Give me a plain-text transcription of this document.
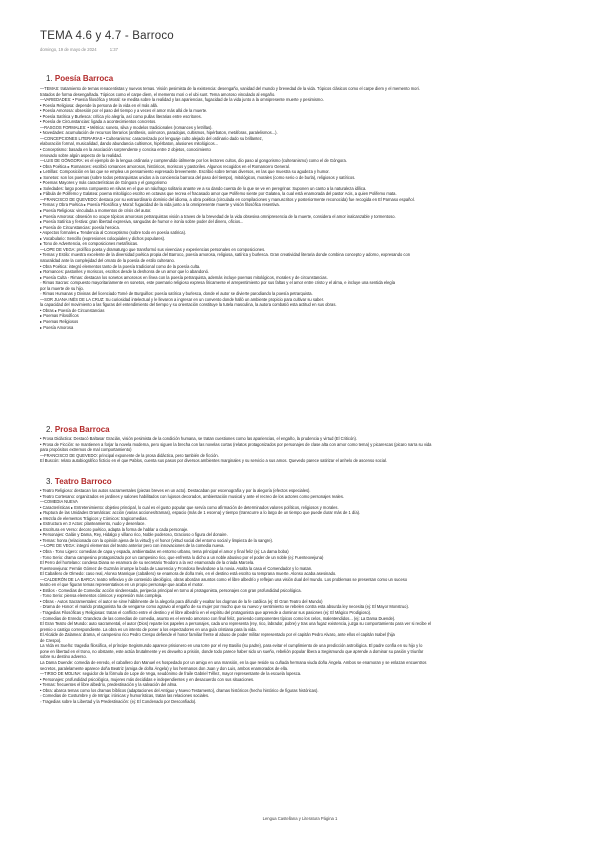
TEMA 4.6 y 4.7 - Barroco
domingo, 19 de mayo de 2024	1:37
1. Poesía Barroca
—TEMAS: tratamiento de temas renacentistas y nuevos temas. Visión pesimista de la existencia: desengaño, vanidad del mundo y brevedad de la vida. Tópicos clásicos como el carpe diem y el memento mori.
tratados de forma desengañada. Tópicos como el carpe diem, el memento mori o el ubi sunt. Tema amoroso vinculado al engaño.
—VARIEDADES: • Poesía filosófica y Moral: se medita sobre la realidad y las apariencias, fugacidad de la vida junto a la omnipresente muerte y pesimismo.
• Poesía Religiosa: depende la persona de la vida en el más allá.
• Poesía Amorosa: obsesión por el paso del tiempo y a veces el amor más allá de la muerte.
• Poesía Satírica y Burlesca: crítica y/o alegría, así como pullas literarias entre escritores.
• Poesía de Circunstancias: ligada a acontecimientos concretos.
—RASGOS FORMALES: • Métrica: soneto, silva y modelos tradicionales (romances y letrillas).
• Novedades: acumulación de recursos literarios (antítesis, oxímoron, paradojas, cultismos, hipérbaton, metáforas, paralelismos...).
—CONCEPCIONES LITERARIAS • Culteranismo: caracterizado por lenguaje culto alejado del ordinario dado su brillantez,
elaboración formal, musicalidad, dando abundancia cultismos, hipérbaton, alusiones mitológicos...
• Conceptismo: basada en la asociación sorprendente y concisa entre 2 objetos, conocimiento
renovado sobre algún aspecto de la realidad.
—LUIS DE GÓNGORA: es el ejemplo de la lengua ordinaria y comprendido útilmente por los lectores cultos, dio paso al gongorismo (culteranismo) como el de Góngora.
• Obra Poética ▸ Romances: escribió romances amorosos, históricos, moriscos y pastoriles. Algunos recogidos en el Romancero General.
▸ Letrillas: Composición en las que se emplea un pensamiento expresado brevemente. Escribió sobre temas diversos, en las que muestra su agudeza y humor.
▸ Sonetos: son los poemas (sobre todos petrarquistas unidos a la conciencia barroca del paso del tiempo), mitológicos, morales (como serio o de burla), religiosos y satíricos.
• Poemas Mayores y más características de Góngora y el gongorismo
▸ Soledades: largo poema compuesto en silvas en el que un náufrago solitario anante ve a su dando cuenta de lo que se ve en peregrinar. Suponen un canto a la naturaleza idílica.
▸ Fábula de Polifemo y Galatea: poema mitológico escrito en octavas que recrea el fracasado amor que Polifemo siente por Galatea, la cual está enamorada del pastor Acis, a quien Polifemo mata.
—FRANCISCO DE QUEVEDO: destaca por su extraordinario dominio del idioma, a obra poética (circulada en compilaciones y manuscritos y posteriormente reconocida) fue recogida en El Parnaso español.
• Temas y Obra Poética ▸ Poesía Filosófica y Moral: fugacidad de la vida junto a la omnipresente muerte y visión filosófica resentiva.
▸ Poesía Religiosa: vinculada a momentos de crisis del autor.
▸ Poesía Amorosa: obsesión no ocupe tópicos amorosos petrarquistas visión a traves de la brevedad de la vida obsesiva omnipresencia de la muerte, considera el amor inalcanzable y tormentoso.
▸ Poesía Satírica y festiva: gran libertad expresiva, sangudas de humor e ironía sobre poder del dinero, oficios...
▸ Poesía de Circunstancias: poesía heroica.
• Aspectos formales ▸ Tendencia al Conceptismo (sobre todo en poesía satírica).
▸ Vocabulario: Sencillo (expresiones coloquiales y dichos populares).
▸ Tono de Advertencia, en composiciones metafísicas.
—LOPE DE VEGA: prolífico poeta y dramaturgo que transformó sus vivencias y experiencias personales en composiciones.
• Temas y Estilo: muestra excelente de la diversidad poética propia del Barroco, poesía amorosa, religiosa, satírica y burlesca. Gran creatividad literaria donde combina concepto y adorno, expresando con
naturalidad ante la complejidad del ornato de la poesía de estilo culterano.
• Obra Poética: integró elementos tanto de la poesía tradicional como de la poesía culta.
▸ Romances: pastoriles y moriscos, escritos desde la deshonra de un amor que lo abandonó.
▸ Poesía Culta ◦ Rimas: destacan los sonetos amorosos en línea con la poesía petrarquista, además incluye poemas mitológicos, morales y de circunstancias.
◦ Rimas Sacras: compuesto mayoritariamente en sonetos, este poemario religioso expresa líricamente el arrepentimiento por sus faltas y el amor entre cristo y el alma, e incluye una sentida elegía
por la muerte de su hijo.
◦ Rimas Humanas y Divinas del licenciado Tomé de Burguillos: poesía satírica y burlesca, donde el autor se divierte parodiando la poesía petrarquista.
—SOR JUANA INÉS DE LA CRUZ: Su curiosidad intelectual y le llevaron a ingresar en un convento donde halló un ambiente propicio para cultivar su saber.
la capacidad del movimiento a las figuras del entendimiento del tiempo y su orientación constituye la tutela masculina, la autora combatió esta actitud en sus obras.
• Obras ▸ Poesía de Circunstancias
▸ Poemas Filosóficos
▸ Poemas Religiosos
▸ Poesía Amorosa
2. Prosa Barroca
• Prosa Didáctica: Destacó Baltasar Gracián, visión pesimista de la condición humana, se tratan cuestiones como las apariencias, el engaño, la prudencia y virtud (El Criticón).
• Prosa de Ficción: se mantienen a forjar la novela moderna, pero siguen la brecha con las novelas cortas (relatos protagonizados por personajes de clase alta con amor como tema) y picarescas (picaro narra su vida
para propósitos extremos de mal comportamiento)
—FRANCISCO DE QUEVEDO: principal exponente de la prosa didáctica, pero también de ficción.
El Buscón: relato autobiográfico ficticio en el que Pablos, cuenta sus pasos por diversos ambientes marginales y su servicio a sus amos. Quevedo parece satirizar el anhelo de ascenso social.
3. Teatro Barroco
• Teatro Religioso: destacan los autos sacramentales (piezas breves en un acto). Destacaban por escenografía y por la alegoría (efectos especiales).
• Teatro Cortesano: organizados en jardines y salones habilitados con lujosos decorados, ambientación musical y ante el recreo de los actores como personajes reales.
—COMEDIA NUEVA
• Características ▸ Entretenimiento: objetivo principal, lo cual es el gusto popular que servía como afirmación de determinados valores políticos, religiosos y morales.
▸ Ruptura de las Unidades Dramáticas: acción (varias acciones/tramas), espacio (más de 1 escena) y tiempo (transcurre a lo largo de un tiempo que puede durar más de 1 día).
▸ Mezcla de elementos Trágicos y Cómicos: tragicomedias.
▸ Estructura en 3 Actos: planteamiento, nudo y desenlace.
▸ Escritura en Verso: decoro poético, adapta la forma de hablar a cada personaje.
• Personajes: Galán y Dama, Rey, Hidalgo y villano rico, Noble poderoso, Gracioso o figura del donaire.
• Temas: honra (relacionada con la opinión ajena de la virtud) y el honor (virtud social del entorno social y limpieza de la sangre).
—LOPE DE VEGA: integró elementos del teatro anterior pero con innovaciones de la comedia nueva.
• Obra ◦ Tono Ligero: comedias de capa y espada, ambientadas en entorno urbano, tema principal el amor y final feliz (ej: La dama boba)
◦ Tono Serio: drama campesino protagonizado por un campesino rico, que enfrenta lo dicho a un noble abusivo por el poder de un noble (ej: Fuenteovejuna)
El Perro del hortelano: condesa Diana se enamora de su secretario Teodoro a la vez enamorado de la criada Marcela.
Fuenteovejuna: Fernán Gómez de Guzmán irrumpe la boda de Laurencia y Frondoso llevándose a la novia. Asalta la casa el Comendador y lo matan.
El Caballero de Olmedo: caso real, Alonso Manrique (caballero) se enamora de doña Inés, en el destino está escrito su temprana muerte. Alonso acaba asesinado.
—CALDERÓN DE LA BARCA: teatro reflexivo y de contenido ideológico, obras abordan asuntos como el libre albedrío y reflejan una visión dual del mundo. Los problemas se presentan como un suceso
teatro en el que figuran temas representativos en un propio personaje que acaba el motor.
• Estilos ◦ Comedias de Comedia: acción sinderesada, peripecia principal en torno al protagonista, personajes con gran profundidad psicológica.
◦ Tono Serio: piensa elementos cómicos y expresión más compleja.
• Obras ◦ Autos Sacramentales: el autor se sirve hábilmente de la alegoría para difundir y exaltar los dogmas de la fe católica (ej: El Gran Teatro del Mundo)
◦ Drama de Honor: el marido protagonista ha de vengarse como agravio al engaño de su mujer por mucho que su nuevo y sentimiento se rebelen contra esta absurda ley necesita (ej: El Mayor Monstruo).
◦ Tragedias Filosóficas y Religiosas: tratan el conflicto entre el destino y el libre albedrío en el espíritu del protagonista que aprende a dominar sus pasiones (ej: El Mágico Prodigioso).
◦ Comedias de Enredo: Grandeza de las comedias de comedia, asunto es el enredo amoroso con final feliz, poniendo componentes típicos como los celos, malentendidos... (ej: La Dama Duende).
El Gran Teatro del Mundo: auto sacramental, el autor (Dios) reparte los papeles a personajes, cada uno representa (rey, rico, labrador, pobre) y tras una fugaz existencia, juzga su comportamiento para ver si recibe el
premio o castigo correspondiente. La obra es un intento de poner a los espectadores en una guía cristiana para la vida.
El Alcalde de Zalamea: drama, el campesino rico Pedro Crespo defiende el honor familiar frente al abuso de poder militar representado por el capitán Pedro Alvaro, ante ellos el capitán Isabel (hija
de Crespo).
La Vida es Sueño: tragedia filosófica, el príncipe Segismundo aparece prisionero en una torre por el rey Basilio (su padre), para evitar el cumplimiento de una predicción astrológica. El padre confía en su hijo y lo
pone en libertad en el trono, no obstante, este actúa brutalmente y es devuelto a prisión, donde todo parece haber sido un sueño, rebelión popular libera a Segismundo que aprende a dominar su pasión y triunfar
sobre su destino adverso.
La Dama Duende: comedia de enredo, el caballero don Manuel es hospedado por un amigo en una mansión, en la que reside su cuñada hermana viuda doña Ángela. Ambos se enamoran y se enlazan encuentros
secretos, paralelamente aparece doña Beatriz (amiga de doña Ángela) y los hermanos don Juan y don Luis, ambos enamorados de ella.
—TIRSO DE MOLINA: seguidor de la fórmula de Lope de Vega, seudónimo de fraile Gabriel Téllez, mayor representante de la escuela lopesca.
• Personajes: profundidad psicológica, mujeres más decididas e independientes y en desacuerdo con sus situaciones.
• Temas: frecuentes el libre albedrío, predestinación y la salvación del alma.
• Obra: abarca temas como los dramas bíblicos (adaptaciones del Antiguo y Nuevo Testamento), dramas históricos (hecho histórico de figuras históricas).
◦ Comedias de Costumbre y de Intriga: irónicas y humorísticas, tratan las relaciones sociales.
◦ Tragedias sobre la Libertad y la Predestinación: (ej: El Condenado por Desconfiado).
Lengua Castellana y Literatura Página 1
